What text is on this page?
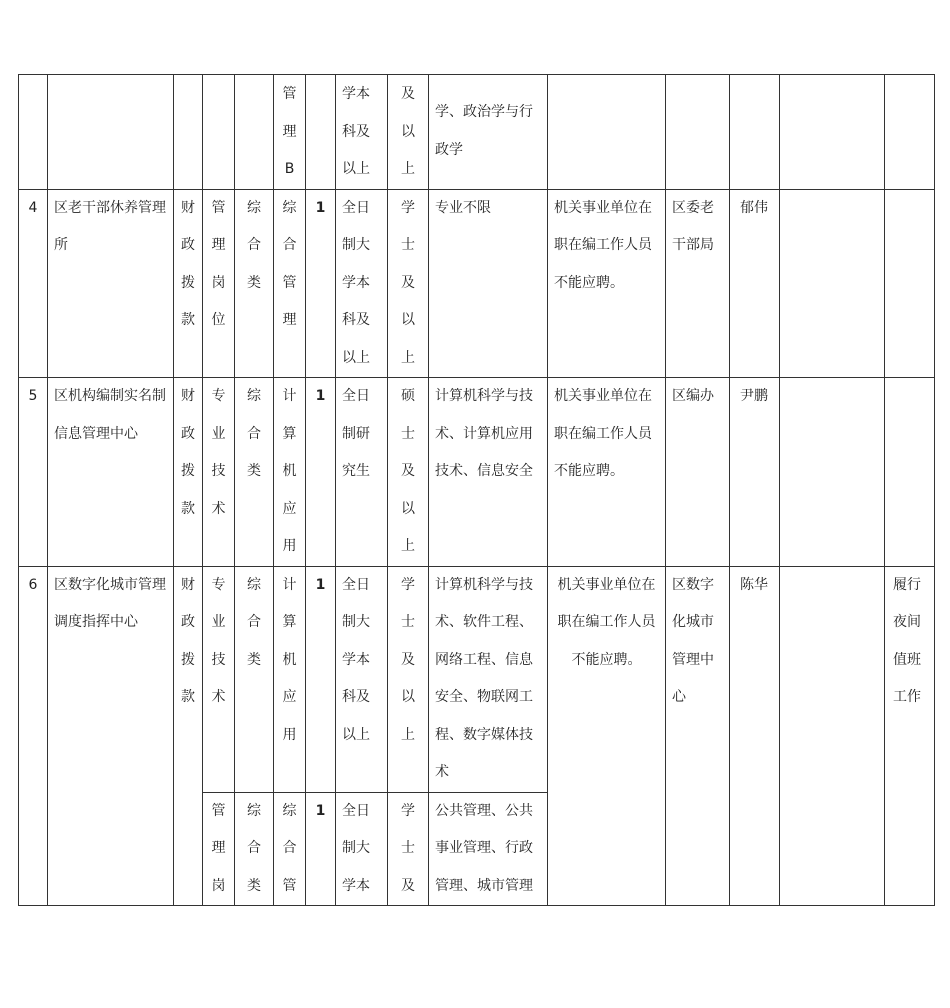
					管理B		学本科及以上	及以上	学、政治学与行政学					

4	区老干部休养管理所	财政拨款	管理岗位	综合类	综合管理	1	全日制大学本科及以上	学士及以上	专业不限	机关事业单位在职在编工作人员不能应聘。	区委老干部局	郁伟		

5	区机构编制实名制信息管理中心	财政拨款	专业技术	综合类	计算机应用	1	全日制研究生	硕士及以上	计算机科学与技术、计算机应用技术、信息安全	机关事业单位在职在编工作人员不能应聘。	区编办	尹鹏		

6	区数字化城市管理调度指挥中心	财政拨款	专业技术	综合类	计算机应用	1	全日制大学本科及以上	学士及以上	计算机科学与技术、软件工程、网络工程、信息安全、物联网工程、数字媒体技术	机关事业单位在职在编工作人员不能应聘。	区数字化城市管理中心	陈华		履行夜间值班工作

			管理岗	综合类	综合管	1	全日制大学本	学士及	公共管理、公共事业管理、行政管理、城市管理					
